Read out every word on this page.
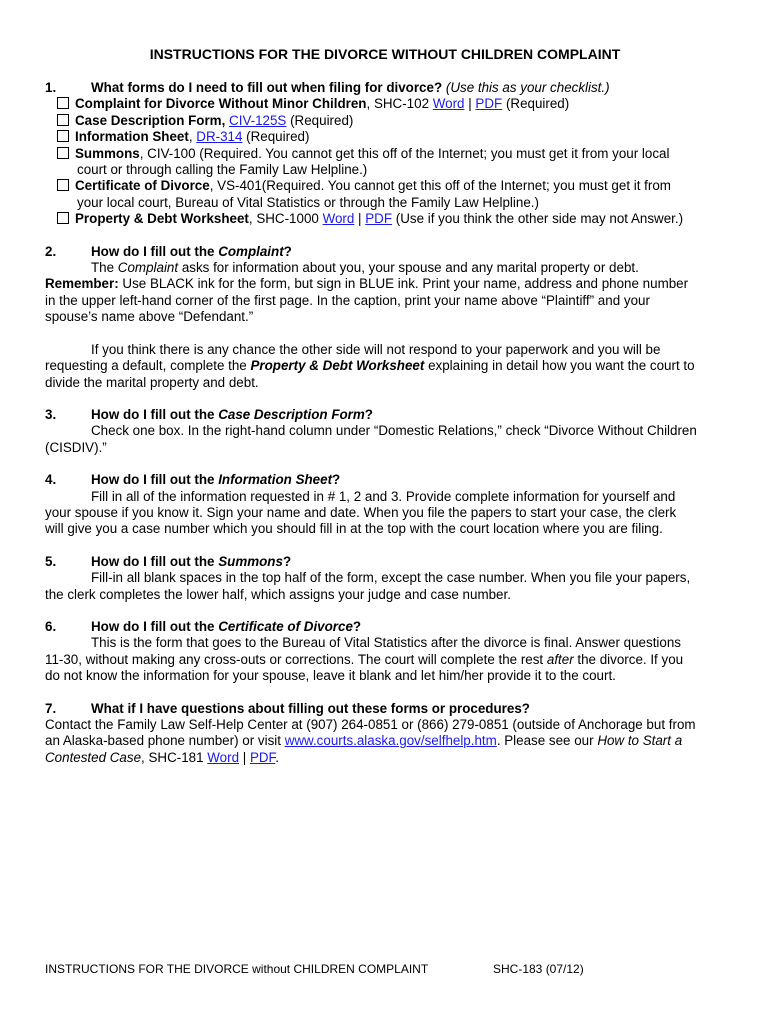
INSTRUCTIONS FOR THE DIVORCE WITHOUT CHILDREN COMPLAINT
1.	What forms do I need to fill out when filing for divorce? (Use this as your checklist.)
Complaint for Divorce Without Minor Children, SHC-102 Word | PDF (Required)
Case Description Form, CIV-125S (Required)
Information Sheet, DR-314 (Required)
Summons, CIV-100 (Required. You cannot get this off of the Internet; you must get it from your local
court or through calling the Family Law Helpline.)
Certificate of Divorce, VS-401(Required. You cannot get this off of the Internet; you must get it from
your local court, Bureau of Vital Statistics or through the Family Law Helpline.)
Property & Debt Worksheet, SHC-1000 Word | PDF (Use if you think the other side may not Answer.)
2.	How do I fill out the Complaint?
The Complaint asks for information about you, your spouse and any marital property or debt.
Remember: Use BLACK ink for the form, but sign in BLUE ink. Print your name, address and phone number
in the upper left-hand corner of the first page. In the caption, print your name above “Plaintiff” and your
spouse’s name above “Defendant.”
If you think there is any chance the other side will not respond to your paperwork and you will be
requesting a default, complete the Property & Debt Worksheet explaining in detail how you want the court to
divide the marital property and debt.
3.	How do I fill out the Case Description Form?
Check one box. In the right-hand column under “Domestic Relations,” check “Divorce Without Children
(CISDIV).”
4.	How do I fill out the Information Sheet?
Fill in all of the information requested in # 1, 2 and 3. Provide complete information for yourself and
your spouse if you know it. Sign your name and date. When you file the papers to start your case, the clerk
will give you a case number which you should fill in at the top with the court location where you are filing.
5.	How do I fill out the Summons?
Fill-in all blank spaces in the top half of the form, except the case number. When you file your papers,
the clerk completes the lower half, which assigns your judge and case number.
6.	How do I fill out the Certificate of Divorce?
This is the form that goes to the Bureau of Vital Statistics after the divorce is final. Answer questions
11-30, without making any cross-outs or corrections. The court will complete the rest after the divorce. If you
do not know the information for your spouse, leave it blank and let him/her provide it to the court.
7.	What if I have questions about filling out these forms or procedures?
Contact the Family Law Self-Help Center at (907) 264-0851 or (866) 279-0851 (outside of Anchorage but from
an Alaska-based phone number) or visit www.courts.alaska.gov/selfhelp.htm. Please see our How to Start a
Contested Case, SHC-181 Word | PDF.
INSTRUCTIONS FOR THE DIVORCE without CHILDREN COMPLAINT	SHC-183 (07/12)
